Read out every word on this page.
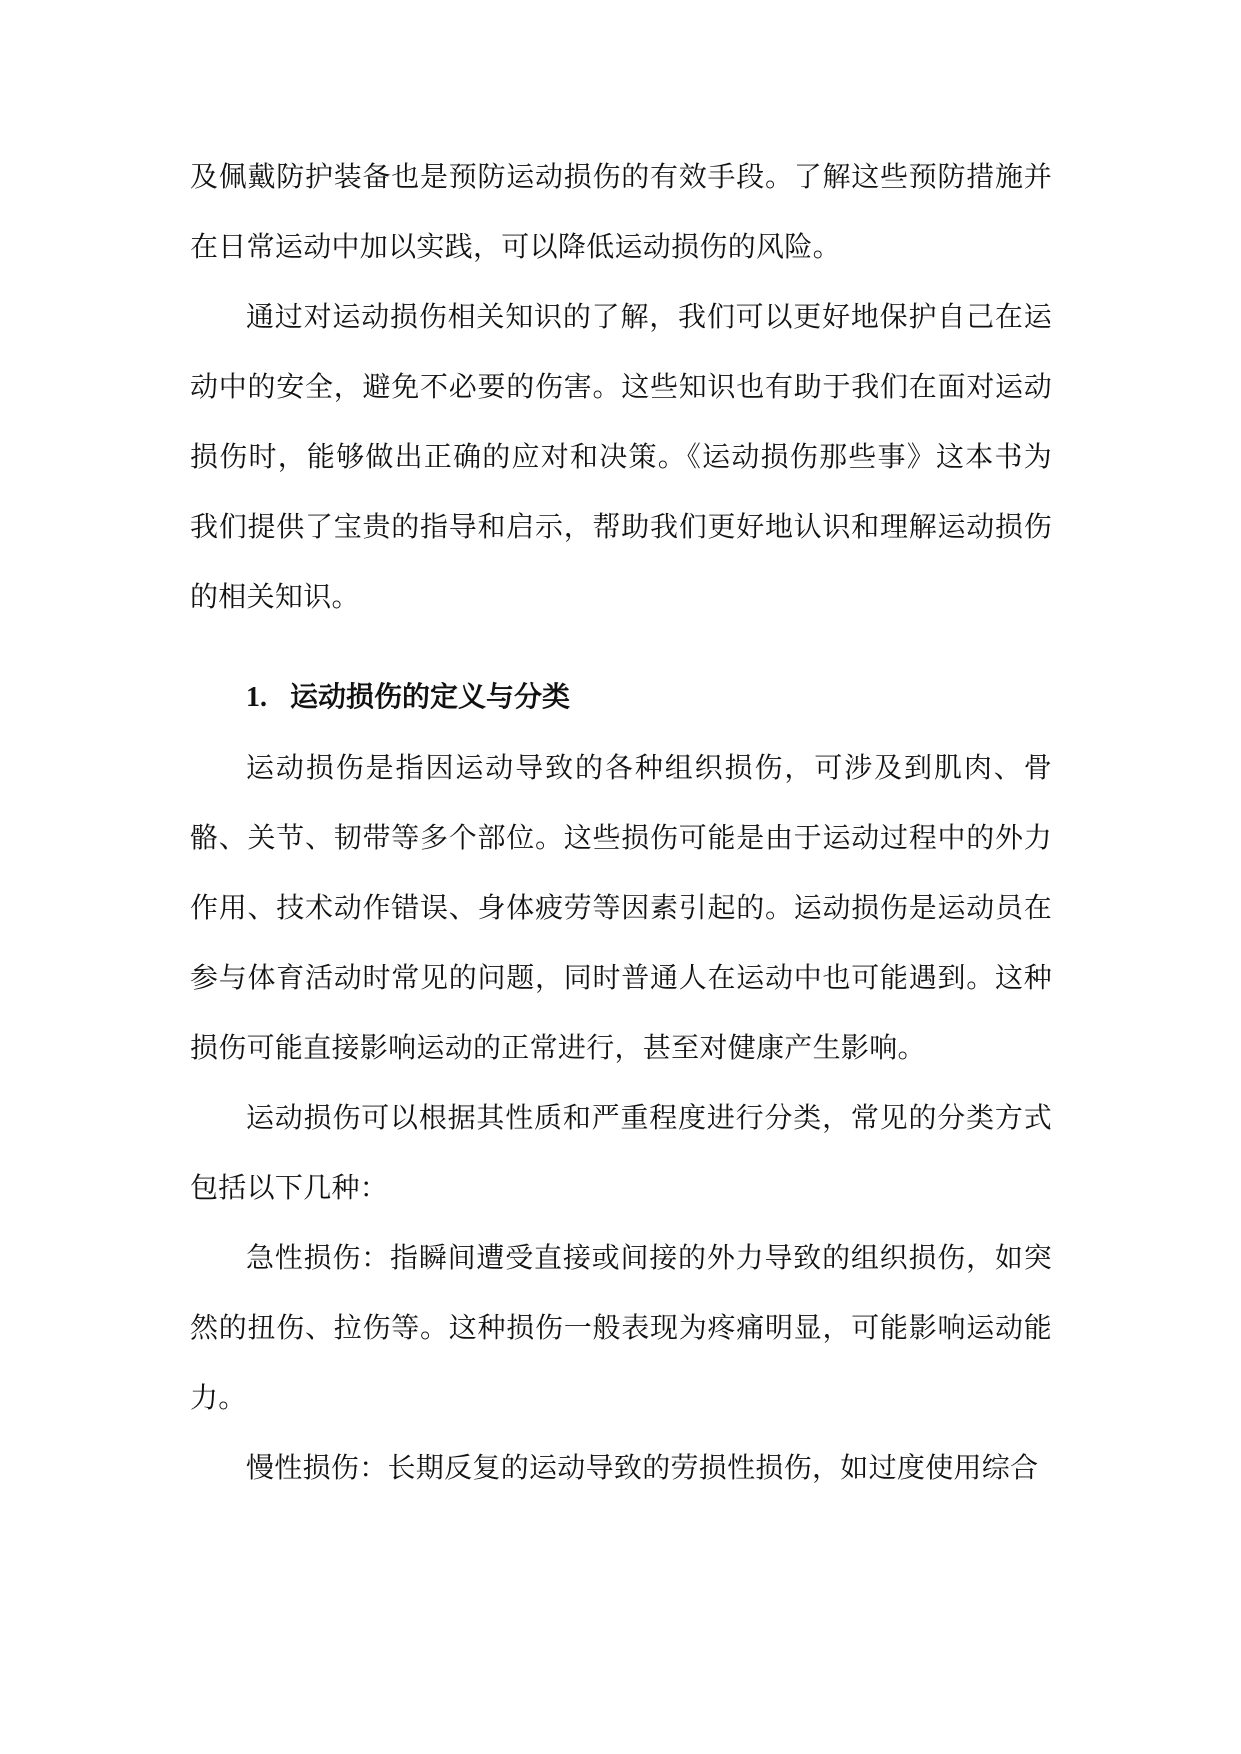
及佩戴防护装备也是预防运动损伤的有效手段。了解这些预防措施并在日常运动中加以实践，可以降低运动损伤的风险。

通过对运动损伤相关知识的了解，我们可以更好地保护自己在运动中的安全，避免不必要的伤害。这些知识也有助于我们在面对运动损伤时，能够做出正确的应对和决策。《运动损伤那些事》这本书为我们提供了宝贵的指导和启示，帮助我们更好地认识和理解运动损伤的相关知识。

1. 运动损伤的定义与分类

运动损伤是指因运动导致的各种组织损伤，可涉及到肌肉、骨骼、关节、韧带等多个部位。这些损伤可能是由于运动过程中的外力作用、技术动作错误、身体疲劳等因素引起的。运动损伤是运动员在参与体育活动时常见的问题，同时普通人在运动中也可能遇到。这种损伤可能直接影响运动的正常进行，甚至对健康产生影响。

运动损伤可以根据其性质和严重程度进行分类，常见的分类方式包括以下几种：

急性损伤：指瞬间遭受直接或间接的外力导致的组织损伤，如突然的扭伤、拉伤等。这种损伤一般表现为疼痛明显，可能影响运动能力。

慢性损伤：长期反复的运动导致的劳损性损伤，如过度使用综合
